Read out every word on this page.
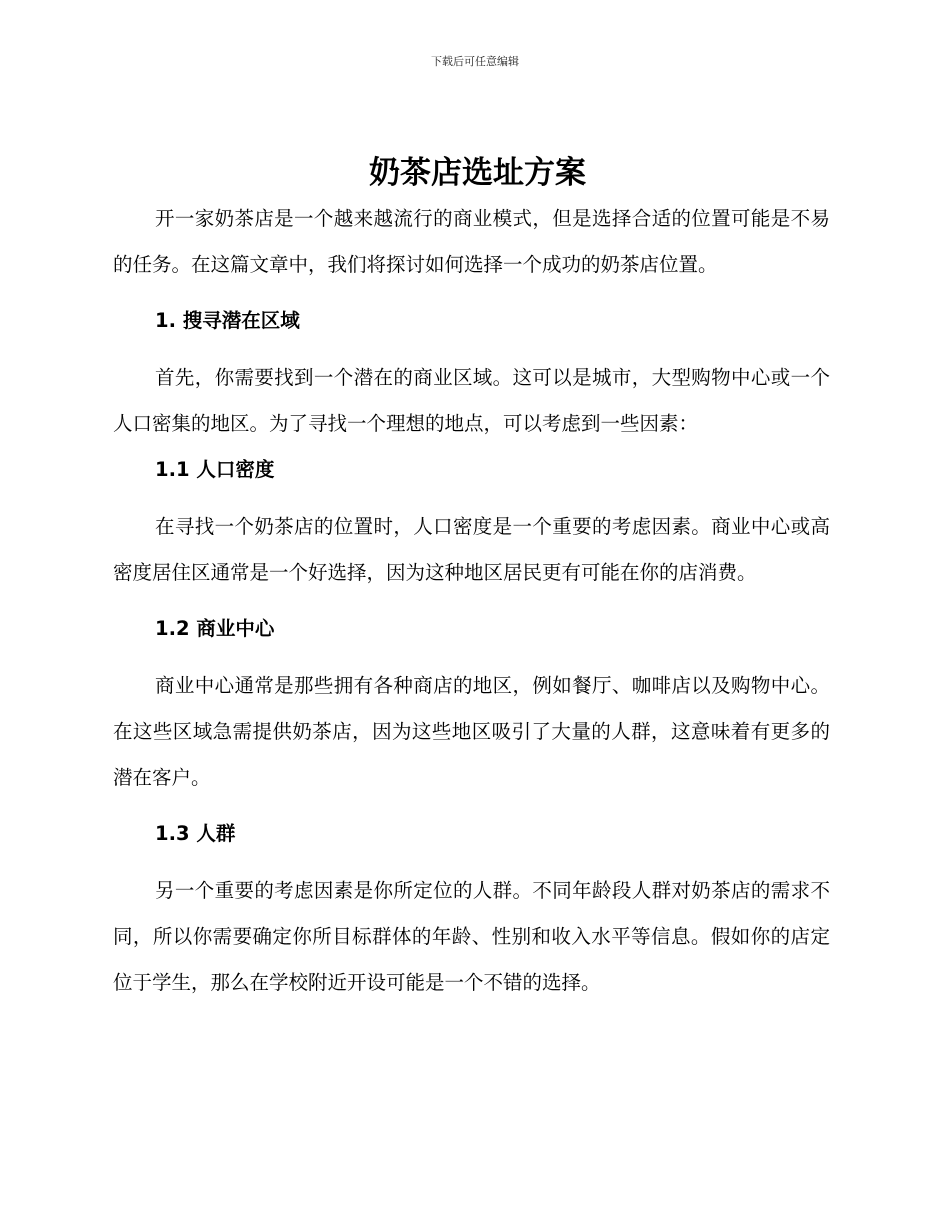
下载后可任意编辑
奶茶店选址方案

开一家奶茶店是一个越来越流行的商业模式，但是选择合适的位置可能是不易的任务。在这篇文章中，我们将探讨如何选择一个成功的奶茶店位置。

1. 搜寻潜在区域

首先，你需要找到一个潜在的商业区域。这可以是城市，大型购物中心或一个人口密集的地区。为了寻找一个理想的地点，可以考虑到一些因素：

1.1 人口密度

在寻找一个奶茶店的位置时，人口密度是一个重要的考虑因素。商业中心或高密度居住区通常是一个好选择，因为这种地区居民更有可能在你的店消费。

1.2 商业中心

商业中心通常是那些拥有各种商店的地区，例如餐厅、咖啡店以及购物中心。在这些区域急需提供奶茶店，因为这些地区吸引了大量的人群，这意味着有更多的潜在客户。

1.3 人群

另一个重要的考虑因素是你所定位的人群。不同年龄段人群对奶茶店的需求不同，所以你需要确定你所目标群体的年龄、性别和收入水平等信息。假如你的店定位于学生，那么在学校附近开设可能是一个不错的选择。
